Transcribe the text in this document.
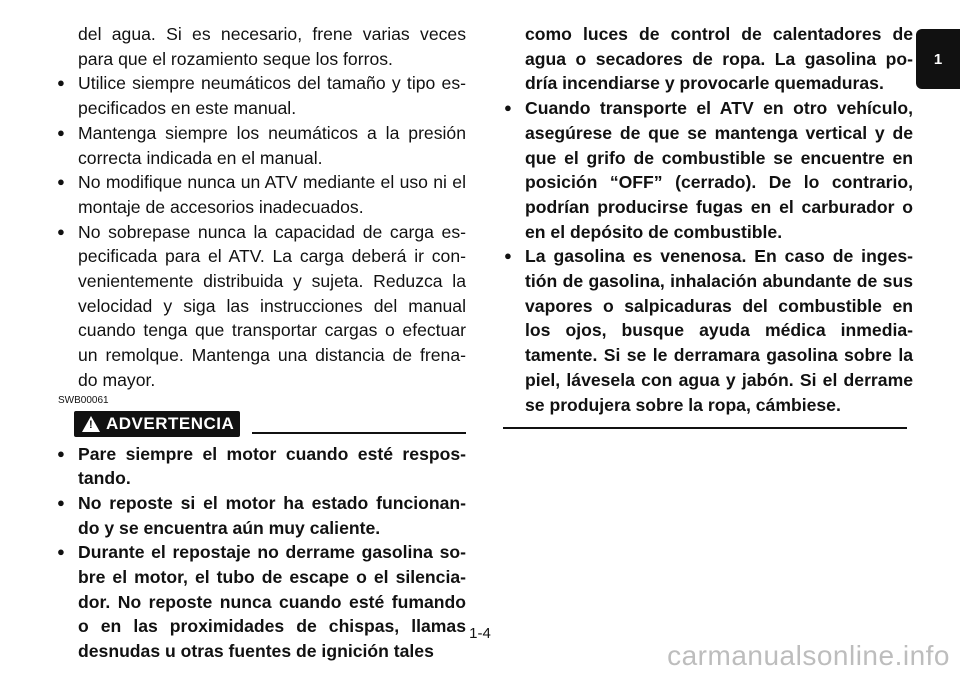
del agua. Si es necesario, frene varias veces para que el rozamiento seque los forros.

● Utilice siempre neumáticos del tamaño y tipo es-pecificados en este manual.
● Mantenga siempre los neumáticos a la presión correcta indicada en el manual.
● No modifique nunca un ATV mediante el uso ni el montaje de accesorios inadecuados.
● No sobrepase nunca la capacidad de carga es-pecificada para el ATV. La carga deberá ir con-venientemente distribuida y sujeta. Reduzca la velocidad y siga las instrucciones del manual cuando tenga que transportar cargas o efectuar un remolque. Mantenga una distancia de frena-do mayor.
SWB00061
! ADVERTENCIA
● Pare siempre el motor cuando esté respos-tando.
● No reposte si el motor ha estado funcionan-do y se encuentra aún muy caliente.
● Durante el repostaje no derrame gasolina so-bre el motor, el tubo de escape o el silencia-dor. No reposte nunca cuando esté fumando o en las proximidades de chispas, llamas desnudas u otras fuentes de ignición tales

como luces de control de calentadores de agua o secadores de ropa. La gasolina po-dría incendiarse y provocarle quemaduras.

● Cuando transporte el ATV en otro vehículo, asegúrese de que se mantenga vertical y de que el grifo de combustible se encuentre en posición “OFF” (cerrado). De lo contrario, podrían producirse fugas en el carburador o en el depósito de combustible.
● La gasolina es venenosa. En caso de inges-tión de gasolina, inhalación abundante de sus vapores o salpicaduras del combustible en los ojos, busque ayuda médica inmedia-tamente. Si se le derramara gasolina sobre la piel, lávesela con agua y jabón. Si el derrame se produjera sobre la ropa, cámbiese.
1
1-4
carmanualsonline.info
